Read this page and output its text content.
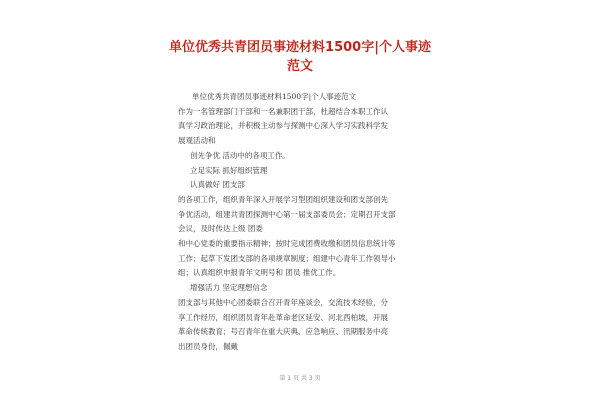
单位优秀共青团员事迹材料1500字|个人事迹
范文
单位优秀共青团员事迹材料1500字|个人事迹范文
作为一名管理部门干部和一名兼职团干部，杜超结合本职工作认
真学习政治理论，并积极主动参与探测中心深入学习实践科学发
展观活动和
创先争优 活动中的各项工作。
立足实际 抓好组织管理
认真做好 团支部
的各项工作，组织青年深入开展学习型团组织建设和团支部创先
争优活动，组建共青团探测中心第一届支部委员会；定期召开支部
会议，及时传达上级 团委
和中心党委的重要指示精神；按时完成团费收缴和团员信息统计等
工作；起草下发团支部的各项规章制度；组建中心青年工作领导小
组；认真组织申报青年文明号和 团员 推优工作。
增强活力 坚定理想信念
团支部与其他中心团委联合召开青年座谈会，交流技术经验，分
享工作经历，组织团员青年赴革命老区延安、河北西柏坡，开展
革命传统教育；号召青年在重大庆典、应急响应、汛期服务中亮
出团员身份，佩戴
第 1 页 共 3 页
